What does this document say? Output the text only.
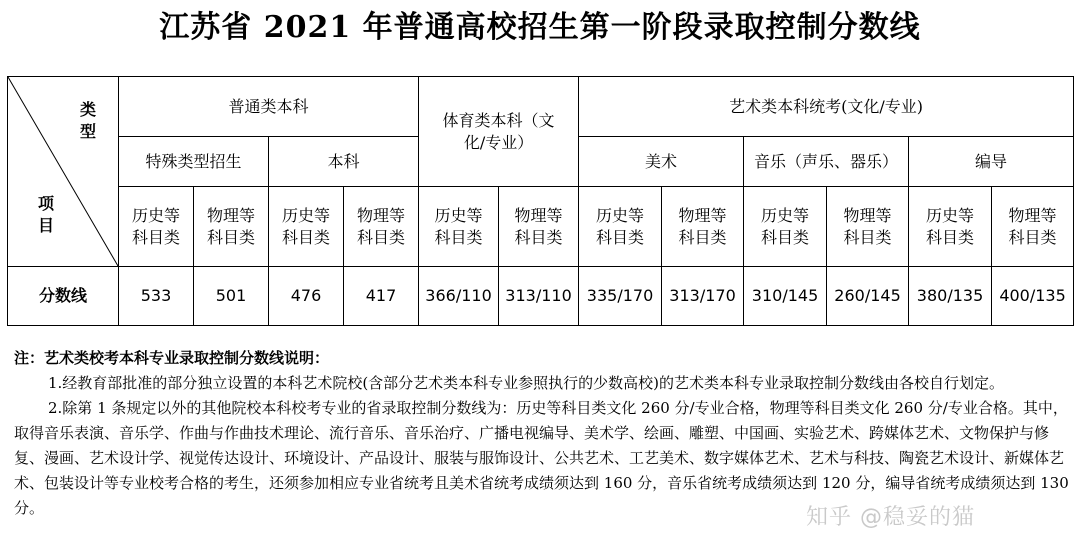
江苏省 2021 年普通高校招生第一阶段录取控制分数线
类型
项目	普通类本科				体育类本科（文化/专业）		艺术类本科统考(文化/专业)					
	特殊类型招生		本科				美术		音乐（声乐、器乐）		编导	
	历史等科目类	物理等科目类	历史等科目类	物理等科目类	历史等科目类	物理等科目类	历史等科目类	物理等科目类	历史等科目类	物理等科目类	历史等科目类	物理等科目类
分数线	533	501	476	417	366/110	313/110	335/170	313/170	310/145	260/145	380/135	400/135

注：艺术类校考本科专业录取控制分数线说明：

1.经教育部批准的部分独立设置的本科艺术院校(含部分艺术类本科专业参照执行的少数高校)的艺术类本科专业录取控制分数线由各校自行划定。

2.除第 1 条规定以外的其他院校本科校考专业的省录取控制分数线为：历史等科目类文化 260 分/专业合格，物理等科目类文化 260 分/专业合格。其中，取得音乐表演、音乐学、作曲与作曲技术理论、流行音乐、音乐治疗、广播电视编导、美术学、绘画、雕塑、中国画、实验艺术、跨媒体艺术、文物保护与修复、漫画、艺术设计学、视觉传达设计、环境设计、产品设计、服装与服饰设计、公共艺术、工艺美术、数字媒体艺术、艺术与科技、陶瓷艺术设计、新媒体艺术、包装设计等专业校考合格的考生，还须参加相应专业省统考且美术省统考成绩须达到 160 分，音乐省统考成绩须达到 120 分，编导省统考成绩须达到 130 分。	知乎 @稳妥的猫
